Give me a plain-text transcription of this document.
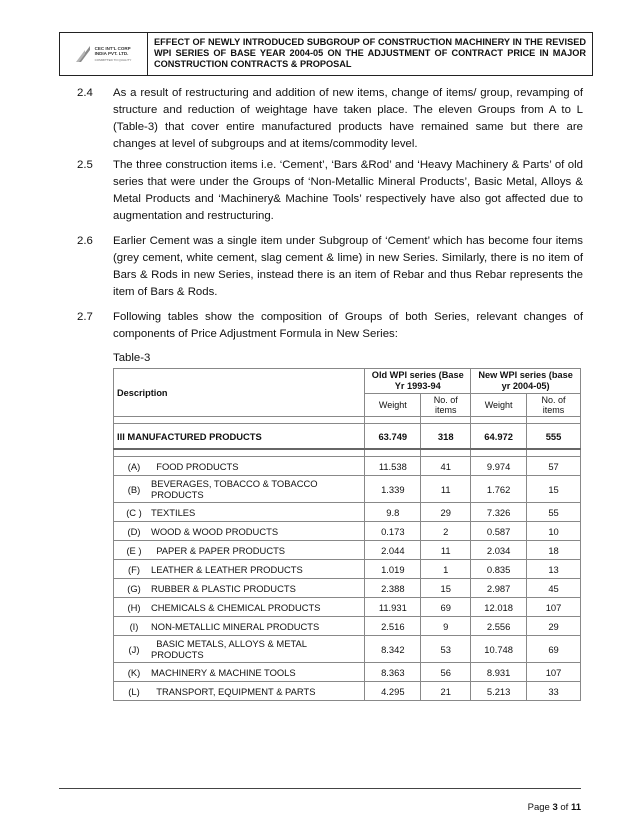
CEC INT'L CORP
INDIA PVT. LTD.
COMMITTED TO QUALITY
EFFECT OF NEWLY INTRODUCED SUBGROUP OF CONSTRUCTION MACHINERY IN THE REVISED WPI SERIES OF BASE YEAR 2004-05 ON THE ADJUSTMENT OF CONTRACT PRICE IN MAJOR CONSTRUCTION CONTRACTS & PROPOSAL
2.4	As a result of restructuring and addition of new items, change of items/ group, revamping of structure and reduction of weightage have taken place. The eleven Groups from A to L (Table-3) that cover entire manufactured products have remained same but there are changes at level of subgroups and at items/commodity level.
2.5	The three construction items i.e. ‘Cement’, ‘Bars &Rod’ and ‘Heavy Machinery & Parts’ of old series that were under the Groups of ‘Non-Metallic Mineral Products’, Basic Metal, Alloys & Metal Products and ‘Machinery& Machine Tools’ respectively have also got affected due to augmentation and restructuring.
2.6	Earlier Cement was a single item under Subgroup of ‘Cement’ which has become four items (grey cement, white cement, slag cement & lime) in new Series. Similarly, there is no item of Bars & Rods in new Series, instead there is an item of Rebar and thus Rebar represents the item of Bars & Rods.
2.7	Following tables show the composition of Groups of both Series, relevant changes of components of Price Adjustment Formula in New Series:
Table-3
Description	Old WPI series (Base Yr 1993-94		New WPI series (base yr 2004-05)	
	Weight	No. of items	Weight	No. of items

III MANUFACTURED PRODUCTS	63.749	318	64.972	555

(A) FOOD PRODUCTS	11.538	41	9.974	57

(B) BEVERAGES, TOBACCO & TOBACCO PRODUCTS	1.339	11	1.762	15

(C ) TEXTILES	9.8	29	7.326	55

(D) WOOD & WOOD PRODUCTS	0.173	2	0.587	10

(E ) PAPER & PAPER PRODUCTS	2.044	11	2.034	18

(F) LEATHER & LEATHER PRODUCTS	1.019	1	0.835	13

(G) RUBBER & PLASTIC PRODUCTS	2.388	15	2.987	45

(H) CHEMICALS & CHEMICAL PRODUCTS	11.931	69	12.018	107

(I) NON-METALLIC MINERAL PRODUCTS	2.516	9	2.556	29

(J) BASIC METALS, ALLOYS & METAL PRODUCTS	8.342	53	10.748	69

(K) MACHINERY & MACHINE TOOLS	8.363	56	8.931	107

(L) TRANSPORT, EQUIPMENT & PARTS	4.295	21	5.213	33
Page 3 of 11
